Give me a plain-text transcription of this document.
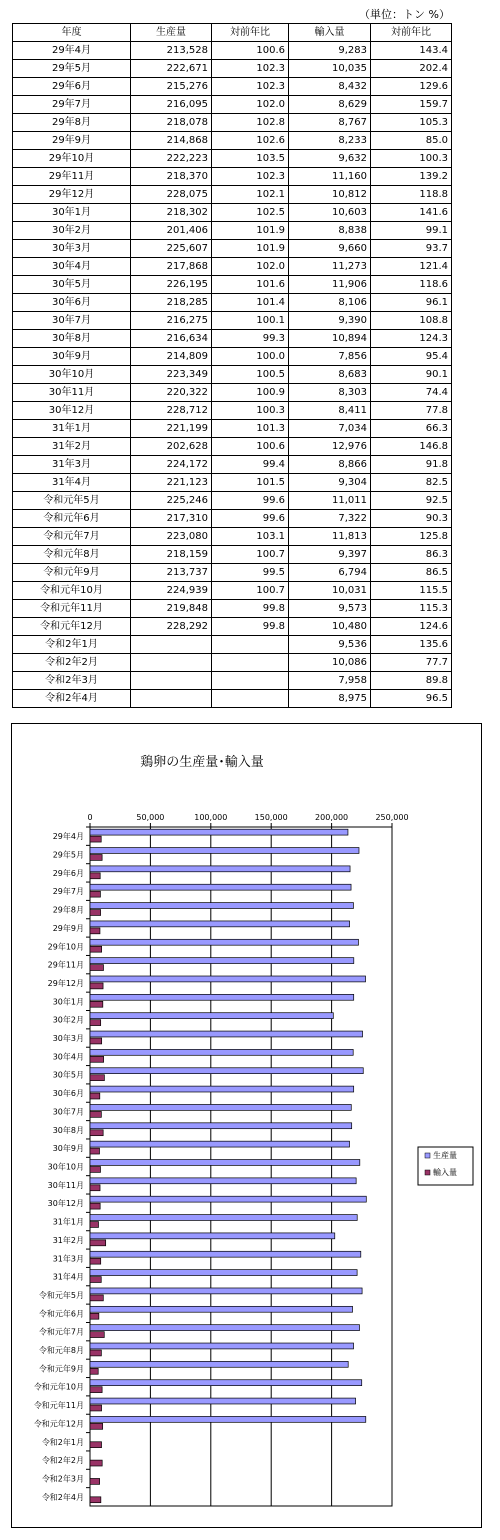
（単位：トン %）
年度	生産量	対前年比	輸入量	対前年比
29年4月	213,528	100.6	9,283	143.4
29年5月	222,671	102.3	10,035	202.4
29年6月	215,276	102.3	8,432	129.6
29年7月	216,095	102.0	8,629	159.7
29年8月	218,078	102.8	8,767	105.3
29年9月	214,868	102.6	8,233	85.0
29年10月	222,223	103.5	9,632	100.3
29年11月	218,370	102.3	11,160	139.2
29年12月	228,075	102.1	10,812	118.8
30年1月	218,302	102.5	10,603	141.6
30年2月	201,406	101.9	8,838	99.1
30年3月	225,607	101.9	9,660	93.7
30年4月	217,868	102.0	11,273	121.4
30年5月	226,195	101.6	11,906	118.6
30年6月	218,285	101.4	8,106	96.1
30年7月	216,275	100.1	9,390	108.8
30年8月	216,634	99.3	10,894	124.3
30年9月	214,809	100.0	7,856	95.4
30年10月	223,349	100.5	8,683	90.1
30年11月	220,322	100.9	8,303	74.4
30年12月	228,712	100.3	8,411	77.8
31年1月	221,199	101.3	7,034	66.3
31年2月	202,628	100.6	12,976	146.8
31年3月	224,172	99.4	8,866	91.8
31年4月	221,123	101.5	9,304	82.5
令和元年5月	225,246	99.6	11,011	92.5
令和元年6月	217,310	99.6	7,322	90.3
令和元年7月	223,080	103.1	11,813	125.8
令和元年8月	218,159	100.7	9,397	86.3
令和元年9月	213,737	99.5	6,794	86.5
令和元年10月	224,939	100.7	10,031	115.5
令和元年11月	219,848	99.8	9,573	115.3
令和元年12月	228,292	99.8	10,480	124.6
令和2年1月			9,536	135.6
令和2年2月			10,086	77.7
令和2年3月			7,958	89.8
令和2年4月			8,975	96.5
鶏卵の生産量･輸入量
0	50,000	100,000	150,000	200,000	250,000
29年4月
29年5月
29年6月
29年7月
29年8月
29年9月
29年10月
29年11月
29年12月
30年1月
30年2月
30年3月
30年4月
30年5月
30年6月
30年7月
30年8月
30年9月
30年10月
30年11月
30年12月
31年1月
31年2月
31年3月
31年4月
令和元年5月
令和元年6月
令和元年7月
令和元年8月
令和元年9月
令和元年10月
令和元年11月
令和元年12月
令和2年1月
令和2年2月
令和2年3月
令和2年4月
生産量
輸入量
